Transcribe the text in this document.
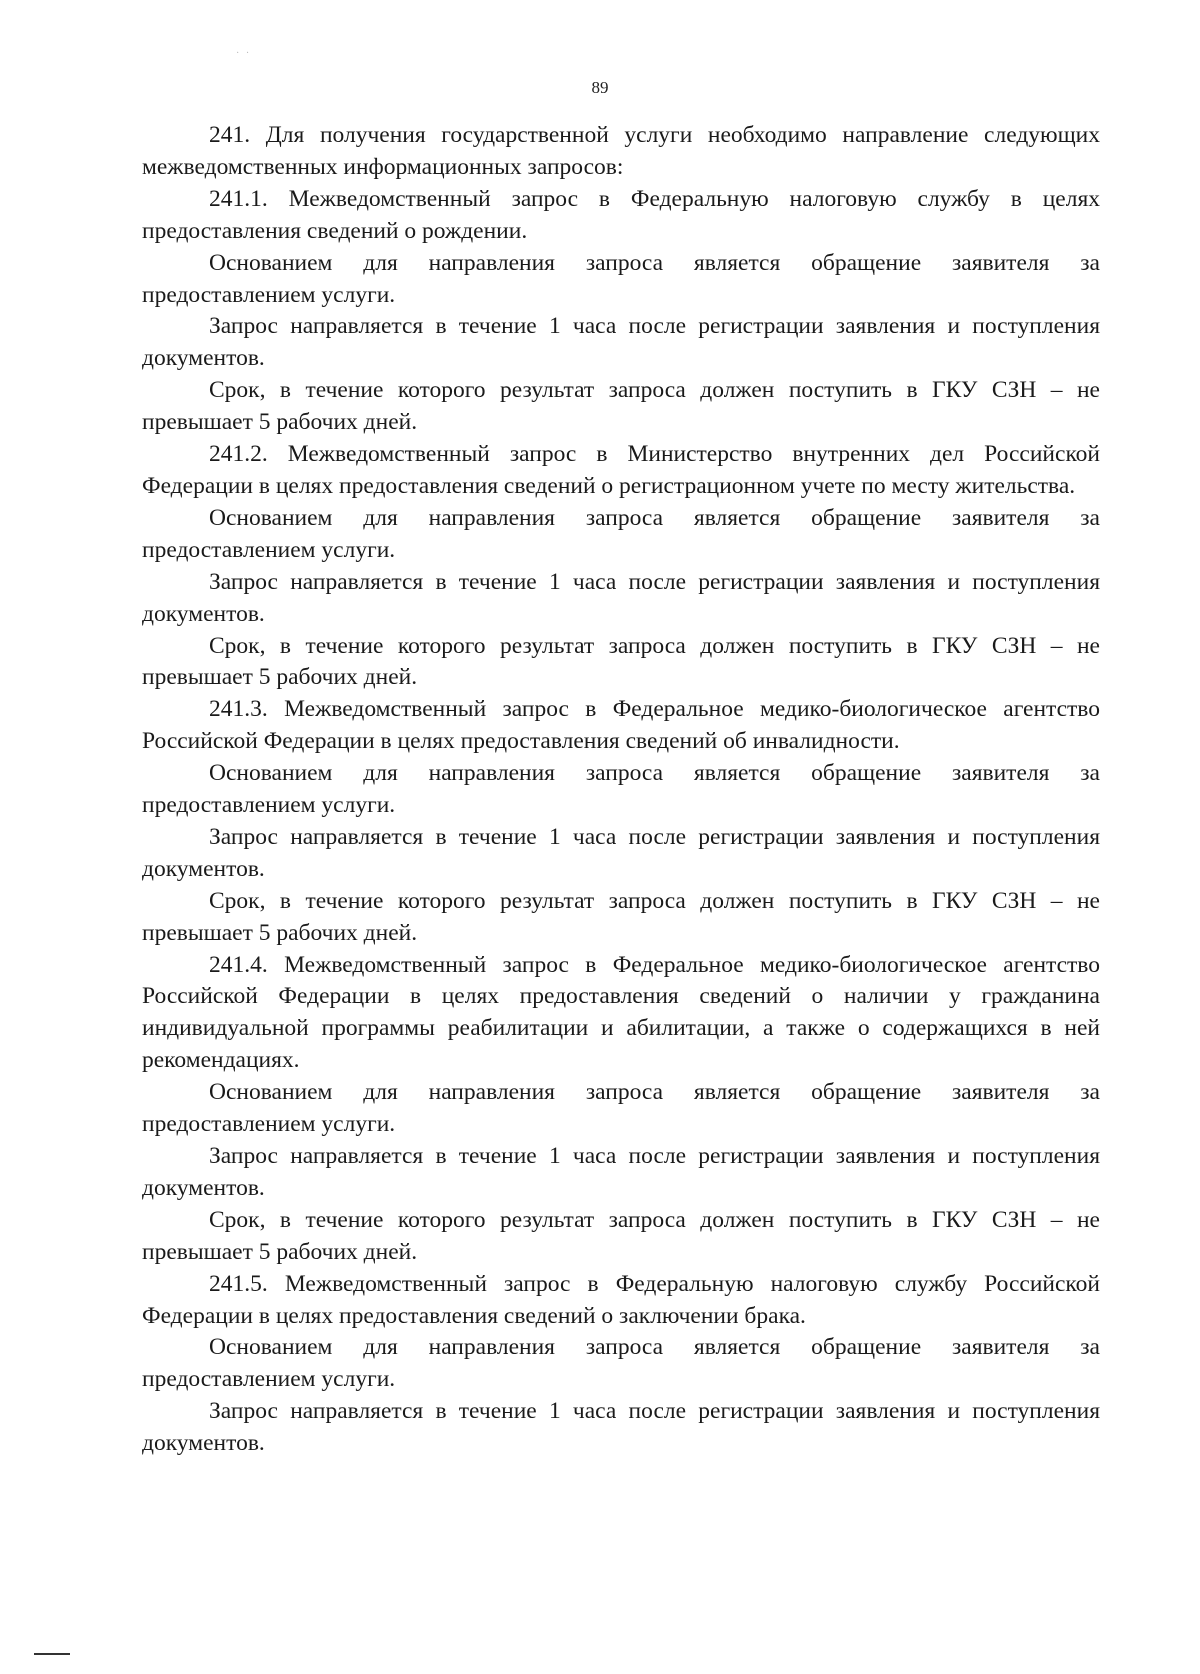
· ·
89

241. Для получения государственной услуги необходимо направление следующих межведомственных информационных запросов:

241.1. Межведомственный запрос в Федеральную налоговую службу в целях предоставления сведений о рождении.

Основанием для направления запроса является обращение заявителя за предоставлением услуги.

Запрос направляется в течение 1 часа после регистрации заявления и поступления документов.

Срок, в течение которого результат запроса должен поступить в ГКУ СЗН – не превышает 5 рабочих дней.

241.2. Межведомственный запрос в Министерство внутренних дел Российской Федерации в целях предоставления сведений о регистрационном учете по месту жительства.

Основанием для направления запроса является обращение заявителя за предоставлением услуги.

Запрос направляется в течение 1 часа после регистрации заявления и поступления документов.

Срок, в течение которого результат запроса должен поступить в ГКУ СЗН – не превышает 5 рабочих дней.

241.3. Межведомственный запрос в Федеральное медико-биологическое агентство Российской Федерации в целях предоставления сведений об инвалидности.

Основанием для направления запроса является обращение заявителя за предоставлением услуги.

Запрос направляется в течение 1 часа после регистрации заявления и поступления документов.

Срок, в течение которого результат запроса должен поступить в ГКУ СЗН – не превышает 5 рабочих дней.

241.4. Межведомственный запрос в Федеральное медико-биологическое агентство Российской Федерации в целях предоставления сведений о наличии у гражданина индивидуальной программы реабилитации и абилитации, а также о содержащихся в ней рекомендациях.

Основанием для направления запроса является обращение заявителя за предоставлением услуги.

Запрос направляется в течение 1 часа после регистрации заявления и поступления документов.

Срок, в течение которого результат запроса должен поступить в ГКУ СЗН – не превышает 5 рабочих дней.

241.5. Межведомственный запрос в Федеральную налоговую службу Российской Федерации в целях предоставления сведений о заключении брака.

Основанием для направления запроса является обращение заявителя за предоставлением услуги.

Запрос направляется в течение 1 часа после регистрации заявления и поступления документов.
